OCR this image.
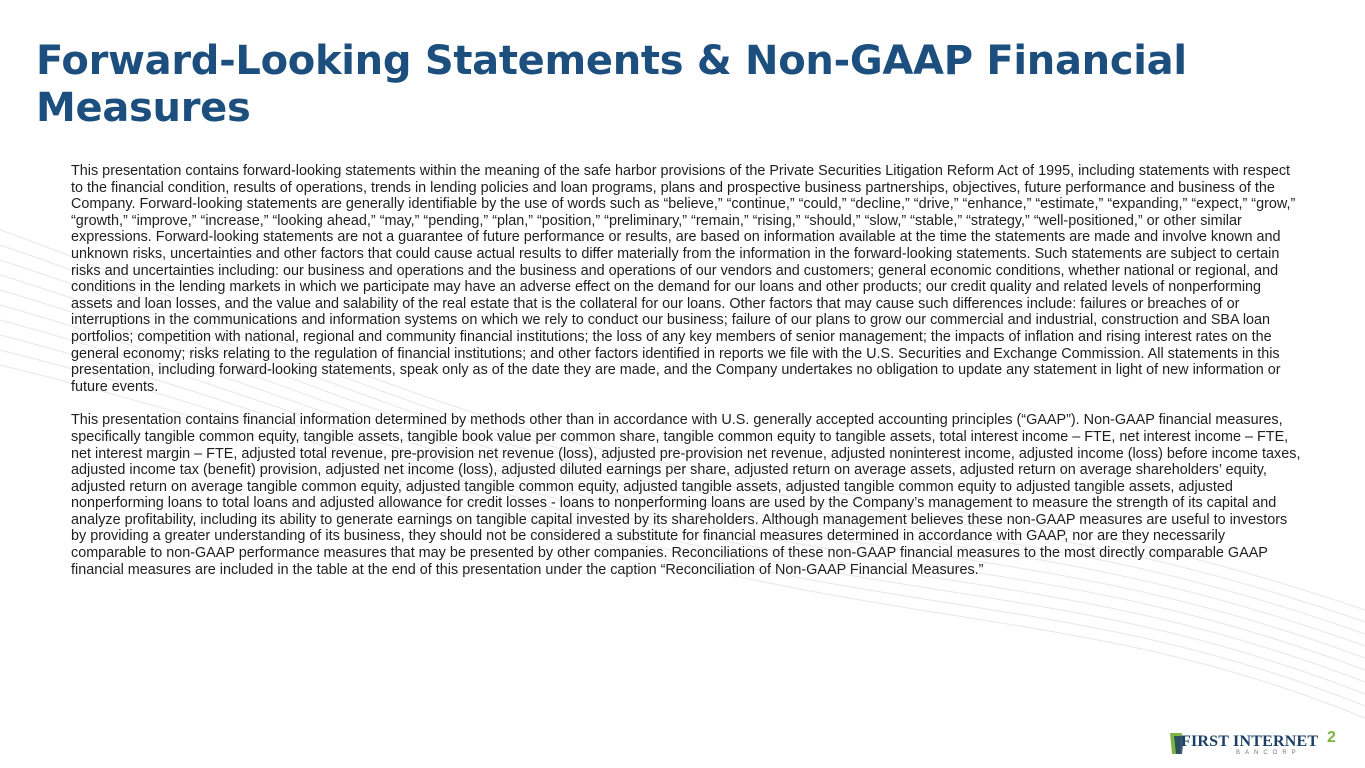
Forward-Looking Statements & Non-GAAP Financial Measures

This presentation contains forward-looking statements within the meaning of the safe harbor provisions of the Private Securities Litigation Reform Act of 1995, including statements with respect to the financial condition, results of operations, trends in lending policies and loan programs, plans and prospective business partnerships, objectives, future performance and business of the Company. Forward-looking statements are generally identifiable by the use of words such as “believe,” “continue,” “could,” “decline,” “drive,” “enhance,” “estimate,” “expanding,” “expect,” “grow,” “growth,” “improve,” “increase,” “looking ahead,” “may,” “pending,” “plan,” “position,” “preliminary,” “remain,” “rising,” “should,” “slow,” “stable,” “strategy,” “well-positioned,” or other similar expressions. Forward-looking statements are not a guarantee of future performance or results, are based on information available at the time the statements are made and involve known and unknown risks, uncertainties and other factors that could cause actual results to differ materially from the information in the forward-looking statements. Such statements are subject to certain risks and uncertainties including: our business and operations and the business and operations of our vendors and customers; general economic conditions, whether national or regional, and conditions in the lending markets in which we participate may have an adverse effect on the demand for our loans and other products; our credit quality and related levels of nonperforming assets and loan losses, and the value and salability of the real estate that is the collateral for our loans. Other factors that may cause such differences include: failures or breaches of or interruptions in the communications and information systems on which we rely to conduct our business; failure of our plans to grow our commercial and industrial, construction and SBA loan portfolios; competition with national, regional and community financial institutions; the loss of any key members of senior management; the impacts of inflation and rising interest rates on the general economy; risks relating to the regulation of financial institutions; and other factors identified in reports we file with the U.S. Securities and Exchange Commission. All statements in this presentation, including forward-looking statements, speak only as of the date they are made, and the Company undertakes no obligation to update any statement in light of new information or future events.

This presentation contains financial information determined by methods other than in accordance with U.S. generally accepted accounting principles (“GAAP”). Non-GAAP financial measures, specifically tangible common equity, tangible assets, tangible book value per common share, tangible common equity to tangible assets, total interest income – FTE, net interest income – FTE, net interest margin – FTE, adjusted total revenue, pre-provision net revenue (loss), adjusted pre-provision net revenue, adjusted noninterest income, adjusted income (loss) before income taxes, adjusted income tax (benefit) provision, adjusted net income (loss), adjusted diluted earnings per share, adjusted return on average assets, adjusted return on average shareholders’ equity, adjusted return on average tangible common equity, adjusted tangible common equity, adjusted tangible assets, adjusted tangible common equity to adjusted tangible assets, adjusted nonperforming loans to total loans and adjusted allowance for credit losses - loans to nonperforming loans are used by the Company’s management to measure the strength of its capital and analyze profitability, including its ability to generate earnings on tangible capital invested by its shareholders. Although management believes these non-GAAP measures are useful to investors by providing a greater understanding of its business, they should not be considered a substitute for financial measures determined in accordance with GAAP, nor are they necessarily comparable to non-GAAP performance measures that may be presented by other companies. Reconciliations of these non-GAAP financial measures to the most directly comparable GAAP financial measures are included in the table at the end of this presentation under the caption “Reconciliation of Non-GAAP Financial Measures.”

FIRST INTERNET
BANCORP
2
